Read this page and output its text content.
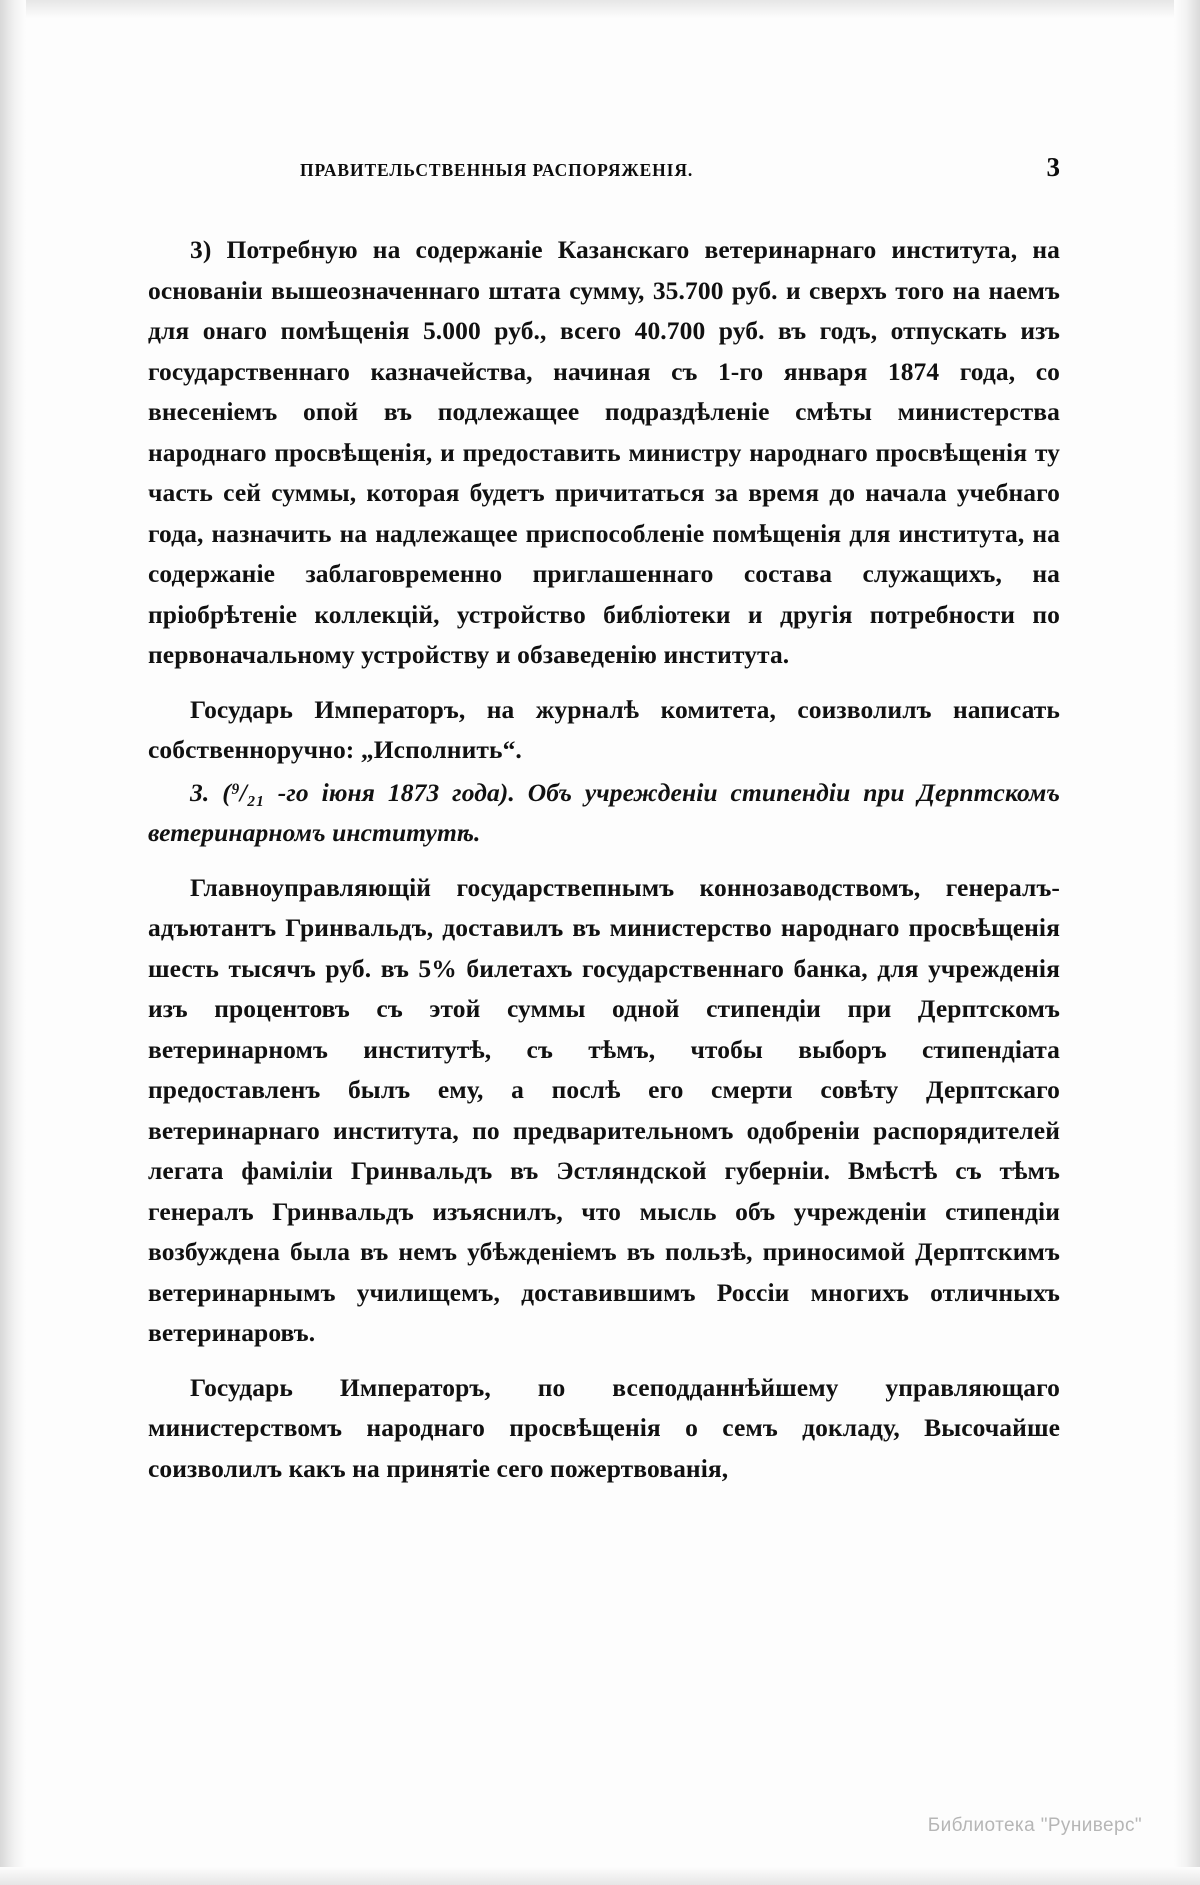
ПРАВИТЕЛЬСТВЕННЫЯ РАСПОРЯЖЕНІЯ.	3

3) Потребную на содержаніе Казанскаго ветеринарнаго института, на основаніи вышеозначеннаго штата сумму, 35.700 руб. и сверхъ того на наемъ для онаго помѣщенія 5.000 руб., всего 40.700 руб. въ годъ, отпускать изъ государственнаго казначейства, начиная съ 1-го января 1874 года, со внесеніемъ опой въ подлежащее подраздѣленіе смѣты министерства народнаго просвѣщенія, и предоставить министру народнаго просвѣщенія ту часть сей суммы, которая будетъ причитаться за время до начала учебнаго года, назначить на надлежащее приспособленіе помѣщенія для института, на содержаніе заблаговременно приглашеннаго состава служащихъ, на пріобрѣтеніе коллекцій, устройство библіотеки и другія потребности по первоначальному устройству и обзаведенію института.

Государь Императоръ, на журналѣ комитета, соизволилъ написать собственноручно: „Исполнить“.

3. (⁹/₂₁ -го іюня 1873 года). Объ учрежденіи стипендіи при Дерптскомъ ветеринарномъ институтѣ.

Главноуправляющій государствепнымъ коннозаводствомъ, генералъ-адъютантъ Гринвальдъ, доставилъ въ министерство народнаго просвѣщенія шесть тысячъ руб. въ 5% билетахъ государственнаго банка, для учрежденія изъ процентовъ съ этой суммы одной стипендіи при Дерптскомъ ветеринарномъ институтѣ, съ тѣмъ, чтобы выборъ стипендіата предоставленъ былъ ему, а послѣ его смерти совѣту Дерптскаго ветеринарнаго института, по предварительномъ одобреніи распорядителей легата фаміліи Гринвальдъ въ Эстляндской губерніи. Вмѣстѣ съ тѣмъ генералъ Гринвальдъ изъяснилъ, что мысль объ учрежденіи стипендіи возбуждена была въ немъ убѣжденіемъ въ пользѣ, приносимой Дерптскимъ ветеринарнымъ училищемъ, доставившимъ Россіи многихъ отличныхъ ветеринаровъ.

Государь Императоръ, по всеподданнѣйшему управляющаго министерствомъ народнаго просвѣщенія о семъ докладу, Высочайше соизволилъ какъ на принятіе сего пожертвованія,

Библиотека "Руниверс"
